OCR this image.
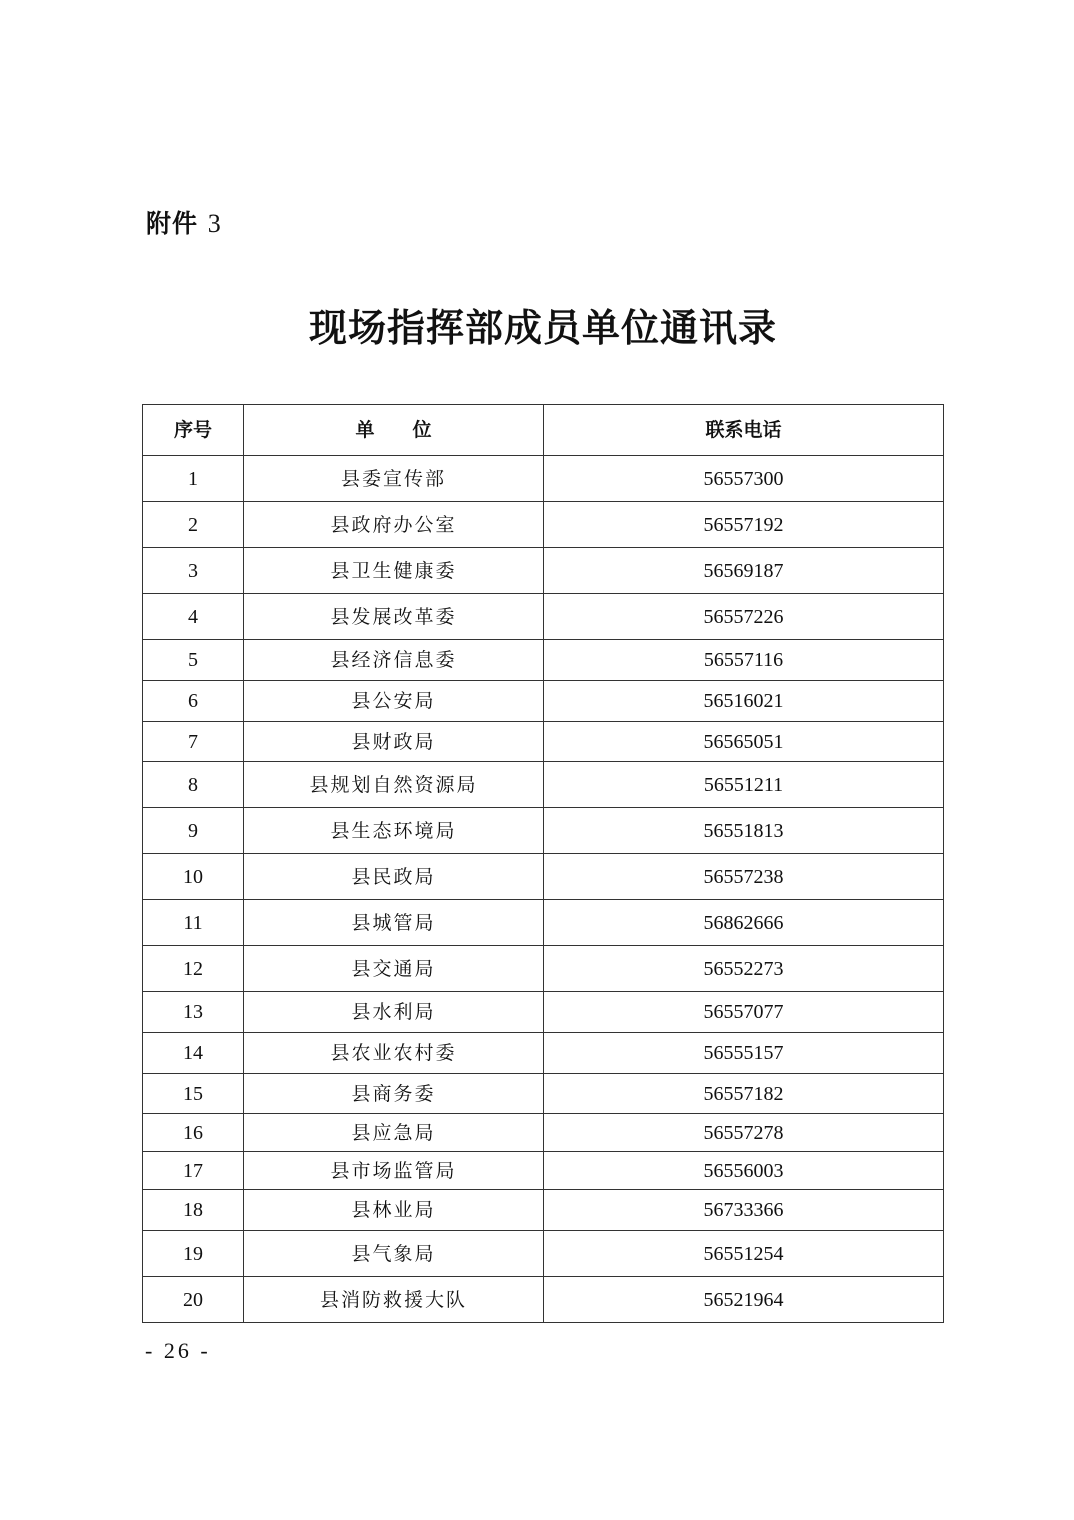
附件 3
现场指挥部成员单位通讯录
序号	单　　位	联系电话
1	县委宣传部	56557300
2	县政府办公室	56557192
3	县卫生健康委	56569187
4	县发展改革委	56557226
5	县经济信息委	56557116
6	县公安局	56516021
7	县财政局	56565051
8	县规划自然资源局	56551211
9	县生态环境局	56551813
10	县民政局	56557238
11	县城管局	56862666
12	县交通局	56552273
13	县水利局	56557077
14	县农业农村委	56555157
15	县商务委	56557182
16	县应急局	56557278
17	县市场监管局	56556003
18	县林业局	56733366
19	县气象局	56551254
20	县消防救援大队	56521964
- 26 -
